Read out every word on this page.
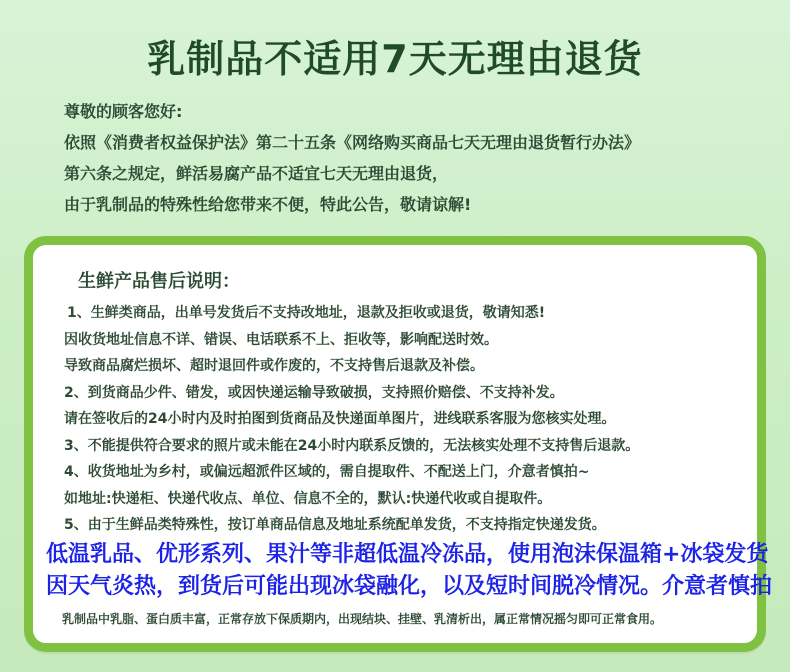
乳制品不适用7天无理由退货
尊敬的顾客您好:
依照《消费者权益保护法》第二十五条《网络购买商品七天无理由退货暂行办法》
第六条之规定，鲜活易腐产品不适宜七天无理由退货，
由于乳制品的特殊性给您带来不便，特此公告，敬请谅解!
生鲜产品售后说明：
1、生鲜类商品，出单号发货后不支持改地址，退款及拒收或退货，敬请知悉!
因收货地址信息不详、错误、电话联系不上、拒收等，影响配送时效。
导致商品腐烂损坏、超时退回件或作废的，不支持售后退款及补偿。
2、到货商品少件、错发，或因快递运输导致破损，支持照价赔偿、不支持补发。
请在签收后的24小时内及时拍图到货商品及快递面单图片，进线联系客服为您核实处理。
3、不能提供符合要求的照片或未能在24小时内联系反馈的，无法核实处理不支持售后退款。
4、收货地址为乡村，或偏远超派件区域的，需自提取件、不配送上门，介意者慎拍~
如地址:快递柜、快递代收点、单位、信息不全的，默认:快递代收或自提取件。
5、由于生鲜品类特殊性，按订单商品信息及地址系统配单发货，不支持指定快递发货。
低温乳品、优形系列、果汁等非超低温冷冻品，使用泡沫保温箱+冰袋发货
因天气炎热，到货后可能出现冰袋融化，以及短时间脱冷情况。介意者慎拍
乳制品中乳脂、蛋白质丰富，正常存放下保质期内，出现结块、挂壁、乳清析出，属正常情况摇匀即可正常食用。
